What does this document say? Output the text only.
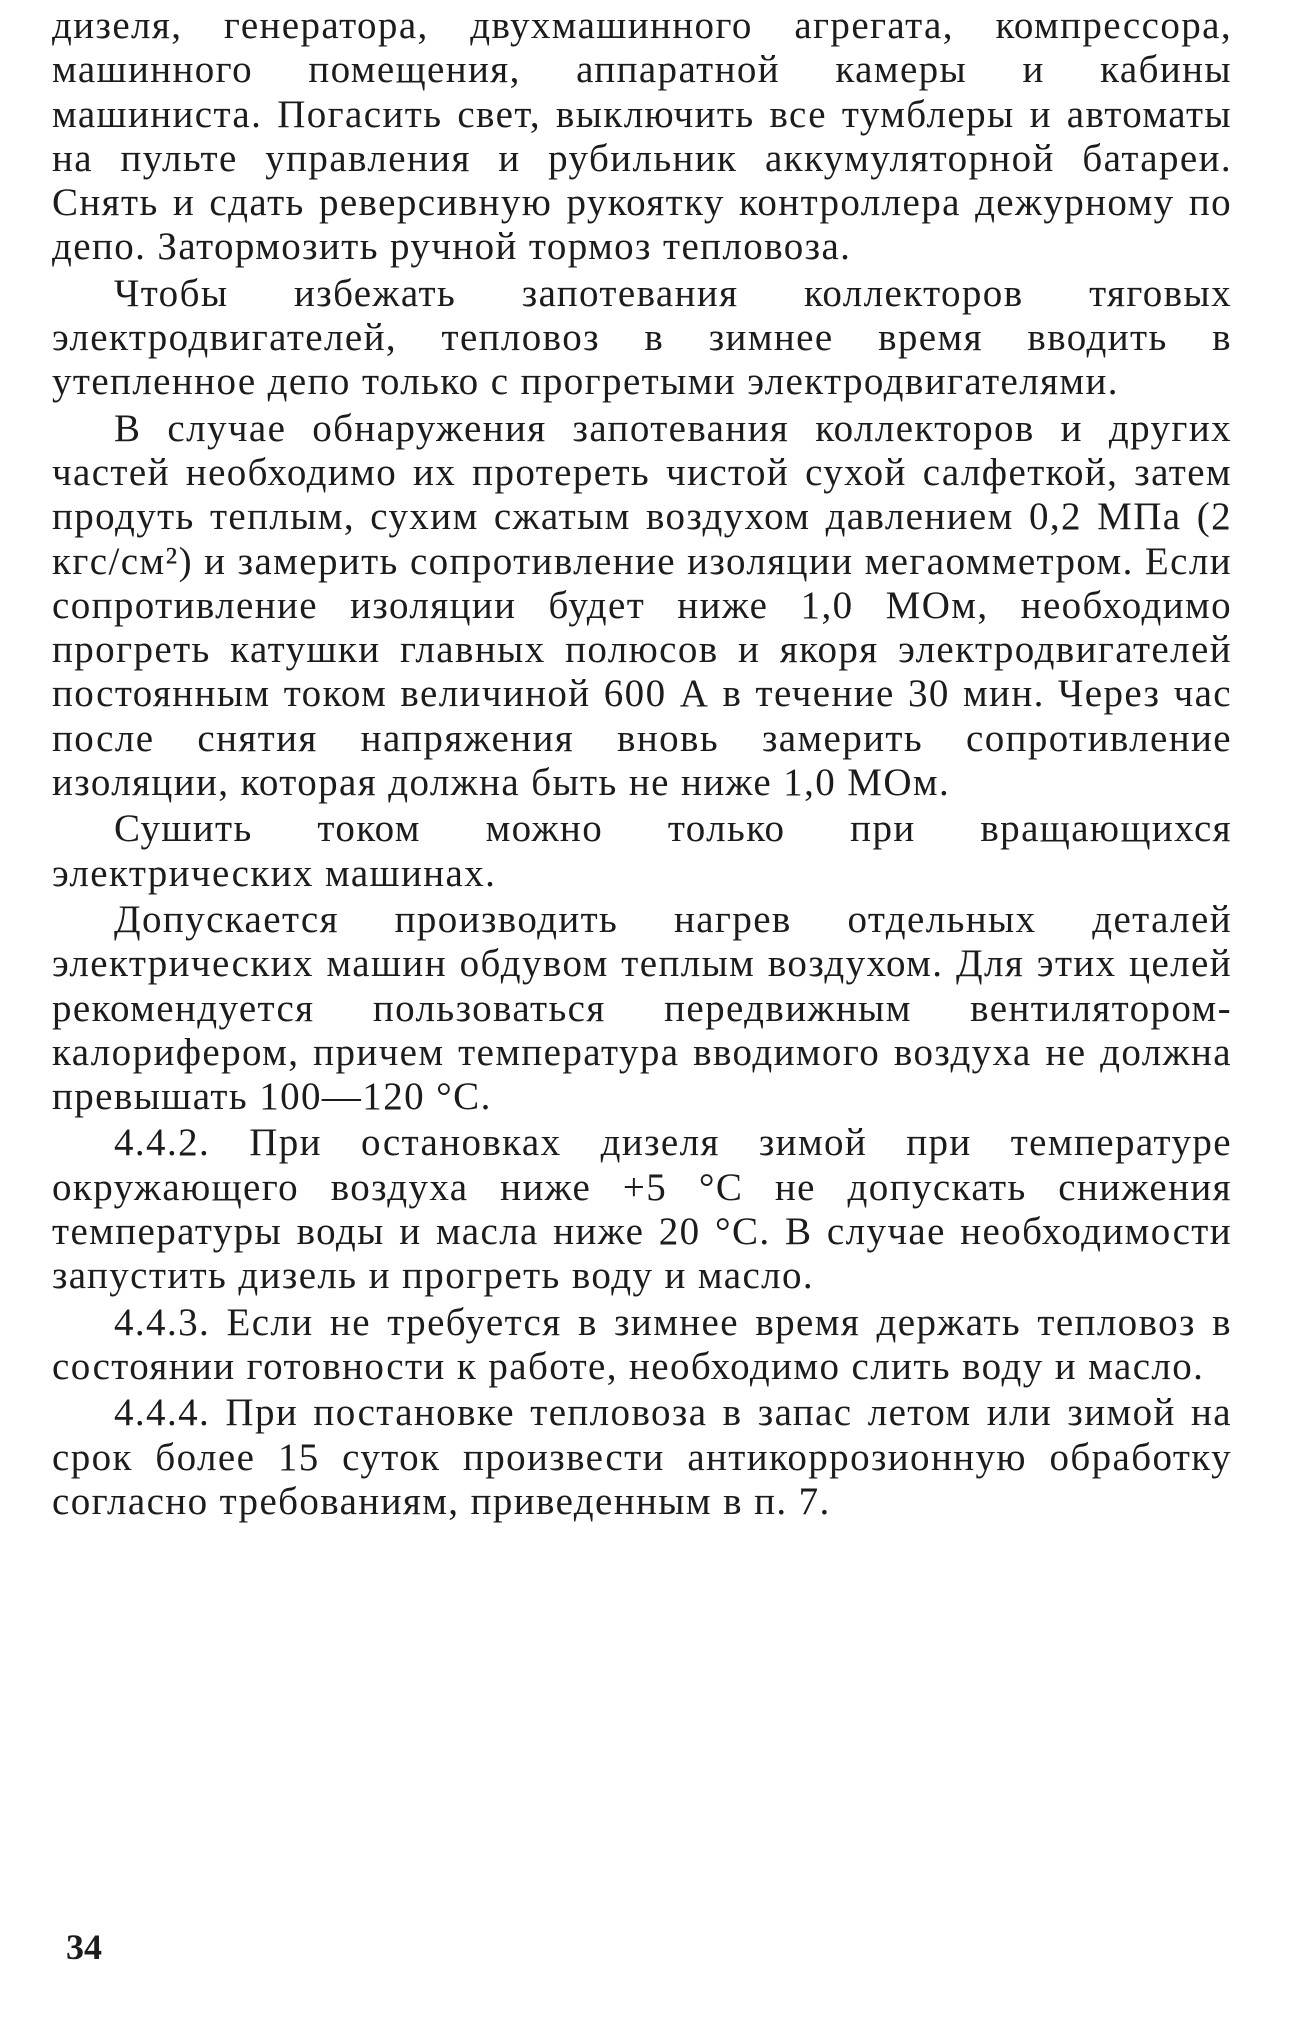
дизеля, генератора, двухмашинного агрегата, компрессора, машинного помещения, аппаратной камеры и кабины машиниста. Погасить свет, выключить все тумблеры и автоматы на пульте управления и рубильник аккумуляторной батареи. Снять и сдать реверсивную рукоятку контроллера дежурному по депо. Затормозить ручной тормоз тепловоза.

Чтобы избежать запотевания коллекторов тяговых электродвигателей, тепловоз в зимнее время вводить в утепленное депо только с прогретыми электродвигателями.

В случае обнаружения запотевания коллекторов и других частей необходимо их протереть чистой сухой салфеткой, затем продуть теплым, сухим сжатым воздухом давлением 0,2 МПа (2 кгс/см²) и замерить сопротивление изоляции мегаомметром. Если сопротивление изоляции будет ниже 1,0 МОм, необходимо прогреть катушки главных полюсов и якоря электродвигателей постоянным током величиной 600 А в течение 30 мин. Через час после снятия напряжения вновь замерить сопротивление изоляции, которая должна быть не ниже 1,0 МОм.

Сушить током можно только при вращающихся электрических машинах.

Допускается производить нагрев отдельных деталей электрических машин обдувом теплым воздухом. Для этих целей рекомендуется пользоваться передвижным вентилятором-калорифером, причем температура вводимого воздуха не должна превышать 100—120 °С.

4.4.2. При остановках дизеля зимой при температуре окружающего воздуха ниже +5 °С не допускать снижения температуры воды и масла ниже 20 °С. В случае необходимости запустить дизель и прогреть воду и масло.

4.4.3. Если не требуется в зимнее время держать тепловоз в состоянии готовности к работе, необходимо слить воду и масло.

4.4.4. При постановке тепловоза в запас летом или зимой на срок более 15 суток произвести антикоррозионную обработку согласно требованиям, приведенным в п. 7.

34
